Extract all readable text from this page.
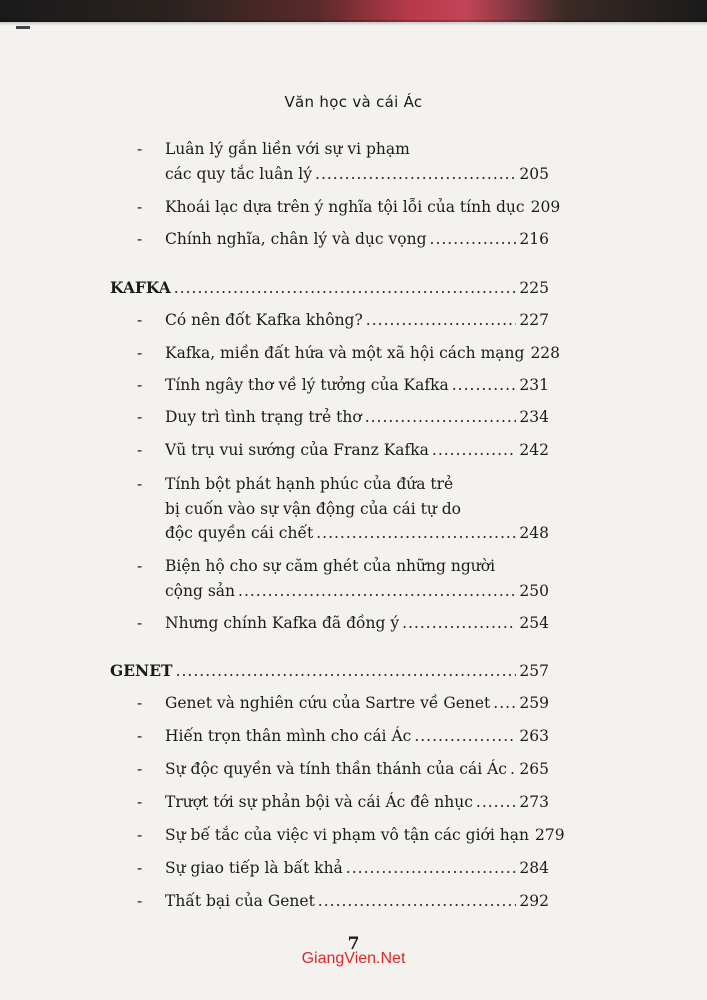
Văn học và cái Ác
- Luân lý gắn liền với sự vi phạm
các quy tắc luân lý .....	205
- Khoái lạc dựa trên ý nghĩa tội lỗi của tính dục 209
- Chính nghĩa, chân lý và dục vọng .....	216
KAFKA .....	225
- Có nên đốt Kafka không? .....	227
- Kafka, miền đất hứa và một xã hội cách mạng 228
- Tính ngây thơ về lý tưởng của Kafka .....	231
- Duy trì tình trạng trẻ thơ .....	234
- Vũ trụ vui sướng của Franz Kafka .....	242
- Tính bột phát hạnh phúc của đứa trẻ
bị cuốn vào sự vận động của cái tự do
độc quyền cái chết .....	248
- Biện hộ cho sự căm ghét của những người
cộng sản .....	250
- Nhưng chính Kafka đã đồng ý .....	254
GENET .....	257
- Genet và nghiên cứu của Sartre về Genet ..... 259
- Hiến trọn thân mình cho cái Ác .....	263
- Sự độc quyền và tính thần thánh của cái Ác ..... 265
- Trượt tới sự phản bội và cái Ác đê nhục .....	273
- Sự bế tắc của việc vi phạm vô tận các giới hạn 279
- Sự giao tiếp là bất khả .....	284
- Thất bại của Genet .....	292
7
GiangVien.Net
